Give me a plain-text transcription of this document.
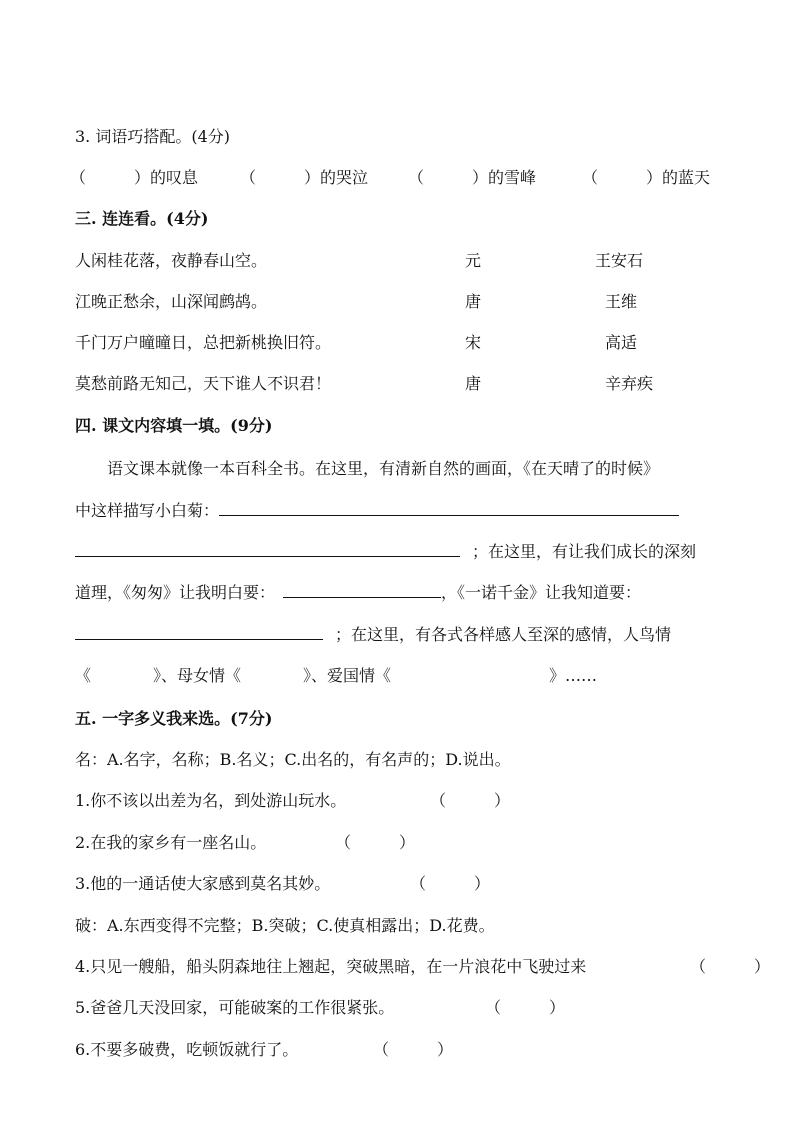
3. 词语巧搭配。(4分)
（　　　）的叹息	（　　　）的哭泣 （　　　）的雪峰	（　　　）的蓝天
三. 连连看。(4分)
人闲桂花落，夜静春山空。	元	王安石
江晚正愁余，山深闻鹧鸪。	唐	王维
千门万户曈曈日，总把新桃换旧符。	宋	高适
莫愁前路无知己，天下谁人不识君！	唐	辛弃疾
四. 课文内容填一填。(9分)
语文课本就像一本百科全书。在这里，有清新自然的画面，《在天晴了的时候》
中这样描写小白菊：
；在这里，有让我们成长的深刻
道理，《匆匆》让我明白要：	，《一诺千金》让我知道要：
；在这里，有各式各样感人至深的感情，人鸟情
《	》、母女情《	》、爱国情《	》……
五. 一字多义我来选。(7分)
名：A.名字，名称；B.名义；C.出名的，有名声的；D.说出。
1.你不该以出差为名，到处游山玩水。	（　　　）
2.在我的家乡有一座名山。	（　　　）
3.他的一通话使大家感到莫名其妙。	（　　　）
破：A.东西变得不完整；B.突破；C.使真相露出；D.花费。
4.只见一艘船，船头阴森地往上翘起，突破黑暗，在一片浪花中飞驶过来	（　　　）
5.爸爸几天没回家，可能破案的工作很紧张。	（　　　）
6.不要多破费，吃顿饭就行了。	（　　　）
